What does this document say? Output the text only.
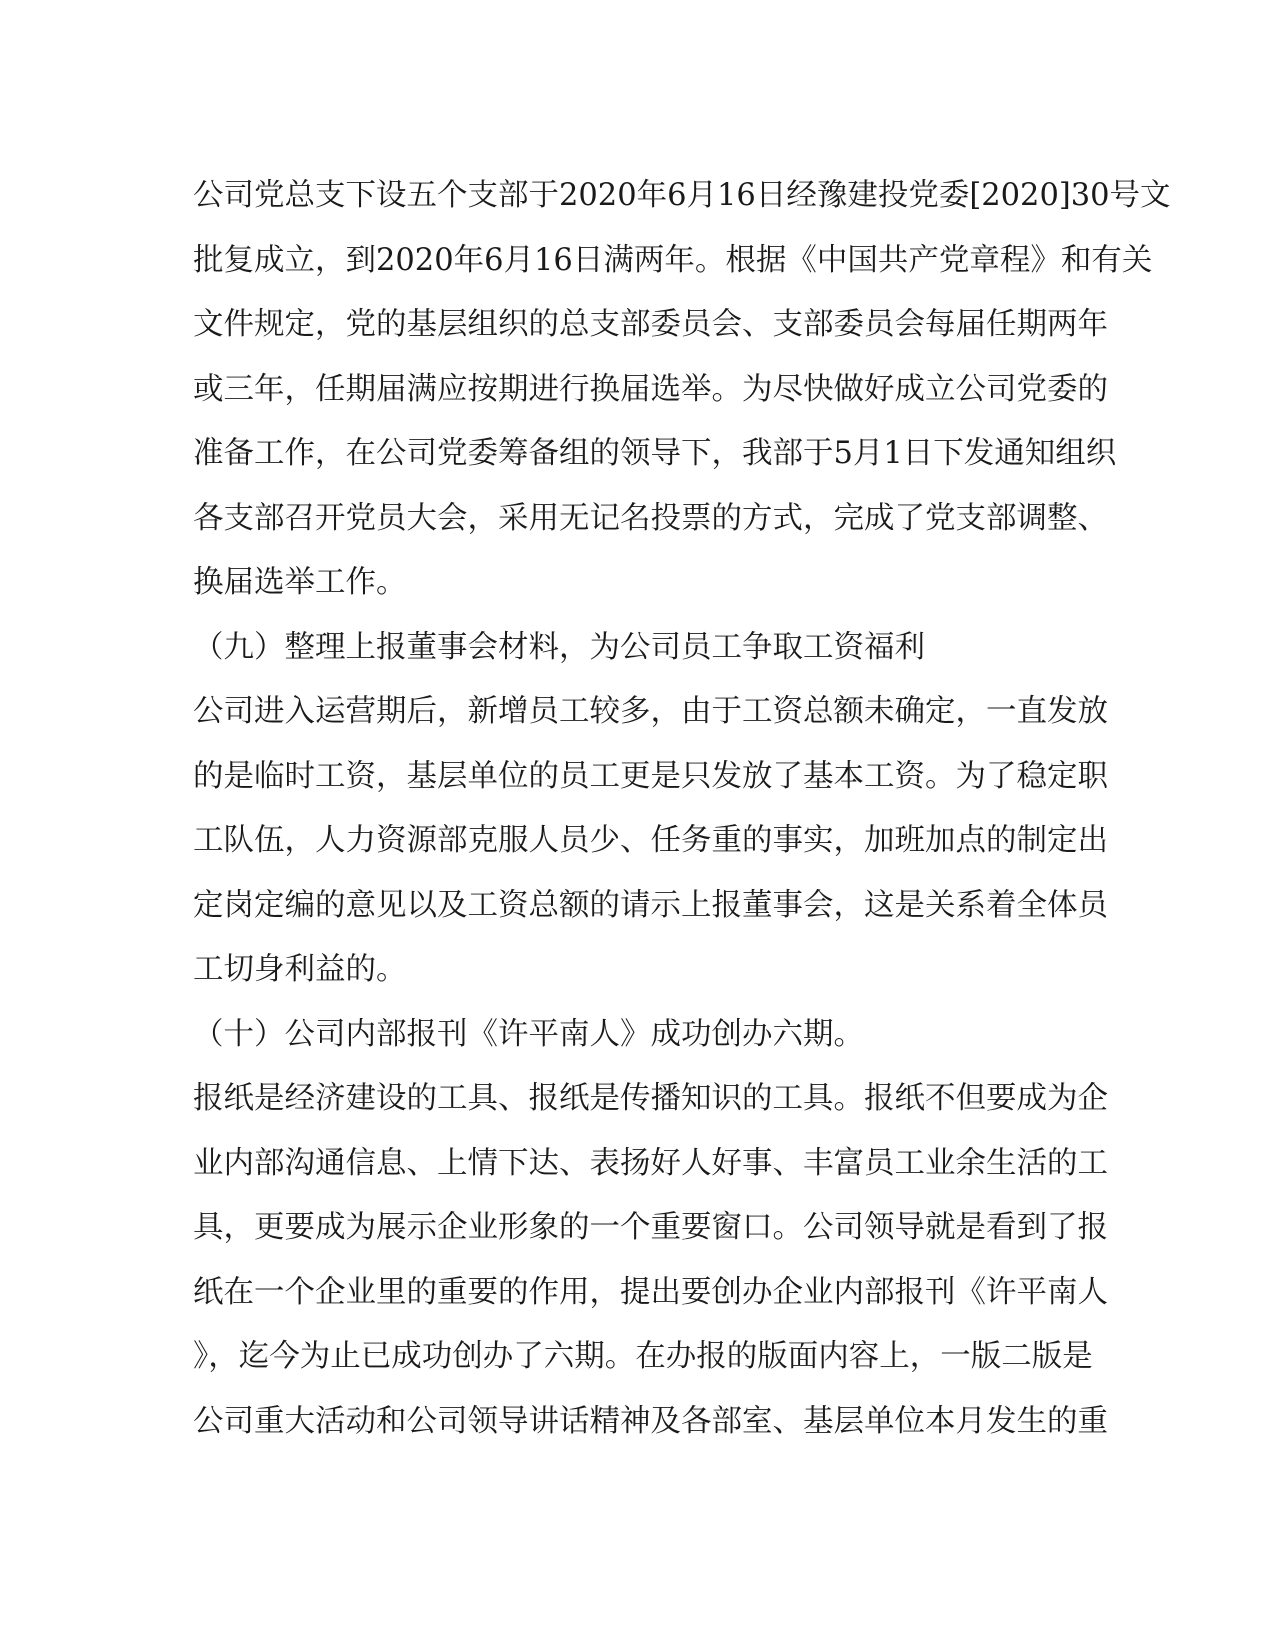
公司党总支下设五个支部于2020年6月16日经豫建投党委[2020]30号文
批复成立，到2020年6月16日满两年。根据《中国共产党章程》和有关
文件规定，党的基层组织的总支部委员会、支部委员会每届任期两年
或三年，任期届满应按期进行换届选举。为尽快做好成立公司党委的
准备工作，在公司党委筹备组的领导下，我部于5月1日下发通知组织
各支部召开党员大会，采用无记名投票的方式，完成了党支部调整、
换届选举工作。
（九）整理上报董事会材料，为公司员工争取工资福利
公司进入运营期后，新增员工较多，由于工资总额未确定，一直发放
的是临时工资，基层单位的员工更是只发放了基本工资。为了稳定职
工队伍，人力资源部克服人员少、任务重的事实，加班加点的制定出
定岗定编的意见以及工资总额的请示上报董事会，这是关系着全体员
工切身利益的。
（十）公司内部报刊《许平南人》成功创办六期。
报纸是经济建设的工具、报纸是传播知识的工具。报纸不但要成为企
业内部沟通信息、上情下达、表扬好人好事、丰富员工业余生活的工
具，更要成为展示企业形象的一个重要窗口。公司领导就是看到了报
纸在一个企业里的重要的作用，提出要创办企业内部报刊《许平南人
》，迄今为止已成功创办了六期。在办报的版面内容上，一版二版是
公司重大活动和公司领导讲话精神及各部室、基层单位本月发生的重
